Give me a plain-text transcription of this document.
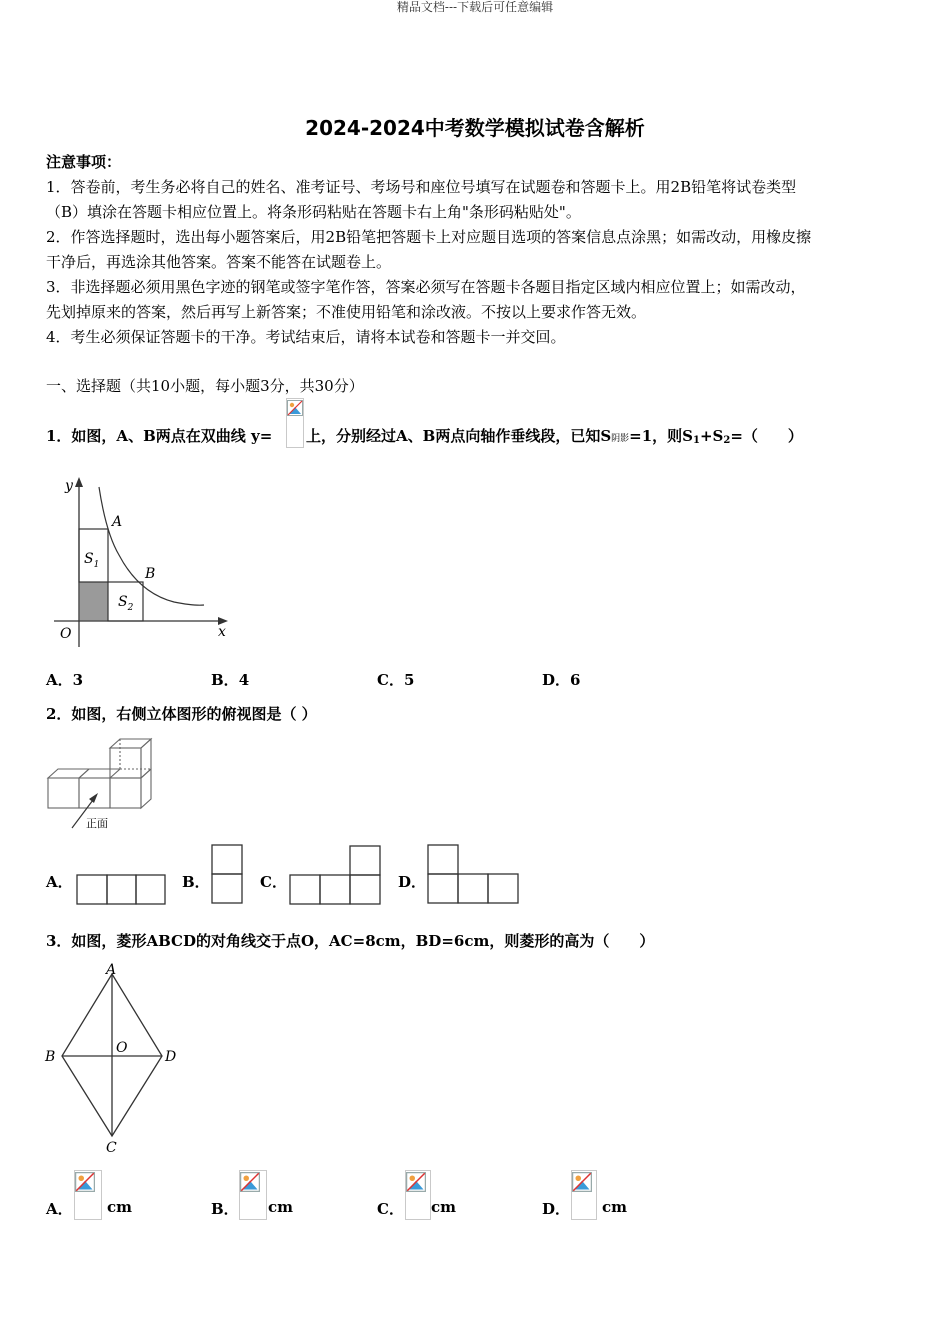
精品文档---下载后可任意编辑
2024-2024中考数学模拟试卷含解析
注意事项：
1．答卷前，考生务必将自己的姓名、准考证号、考场号和座位号填写在试题卷和答题卡上。用2B铅笔将试卷类型
（B）填涂在答题卡相应位置上。将条形码粘贴在答题卡右上角"条形码粘贴处"。
2．作答选择题时，选出每小题答案后，用2B铅笔把答题卡上对应题目选项的答案信息点涂黑；如需改动，用橡皮擦
干净后，再选涂其他答案。答案不能答在试题卷上。
3．非选择题必须用黑色字迹的钢笔或签字笔作答，答案必须写在答题卡各题目指定区域内相应位置上；如需改动，
先划掉原来的答案，然后再写上新答案；不准使用铅笔和涂改液。不按以上要求作答无效。
4．考生必须保证答题卡的干净。考试结束后，请将本试卷和答题卡一并交回。
一、选择题（共10小题，每小题3分，共30分）
1．如图，A、B两点在双曲线 y= 上，分别经过A、B两点向轴作垂线段，已知S阴影=1，则$S_1+S_2=$（　　）
y
x
O
A
B
$S_1$
$S_2$
A．3	B．4	C．5	D．6
2．如图，右侧立体图形的俯视图是（ ）
正面
A．	B．	C．	D．
3．如图，菱形ABCD的对角线交于点O，AC=8cm，BD=6cm，则菱形的高为（　　）
A
B
C
D
O
A． cm	B． cm	C． cm	D． cm
